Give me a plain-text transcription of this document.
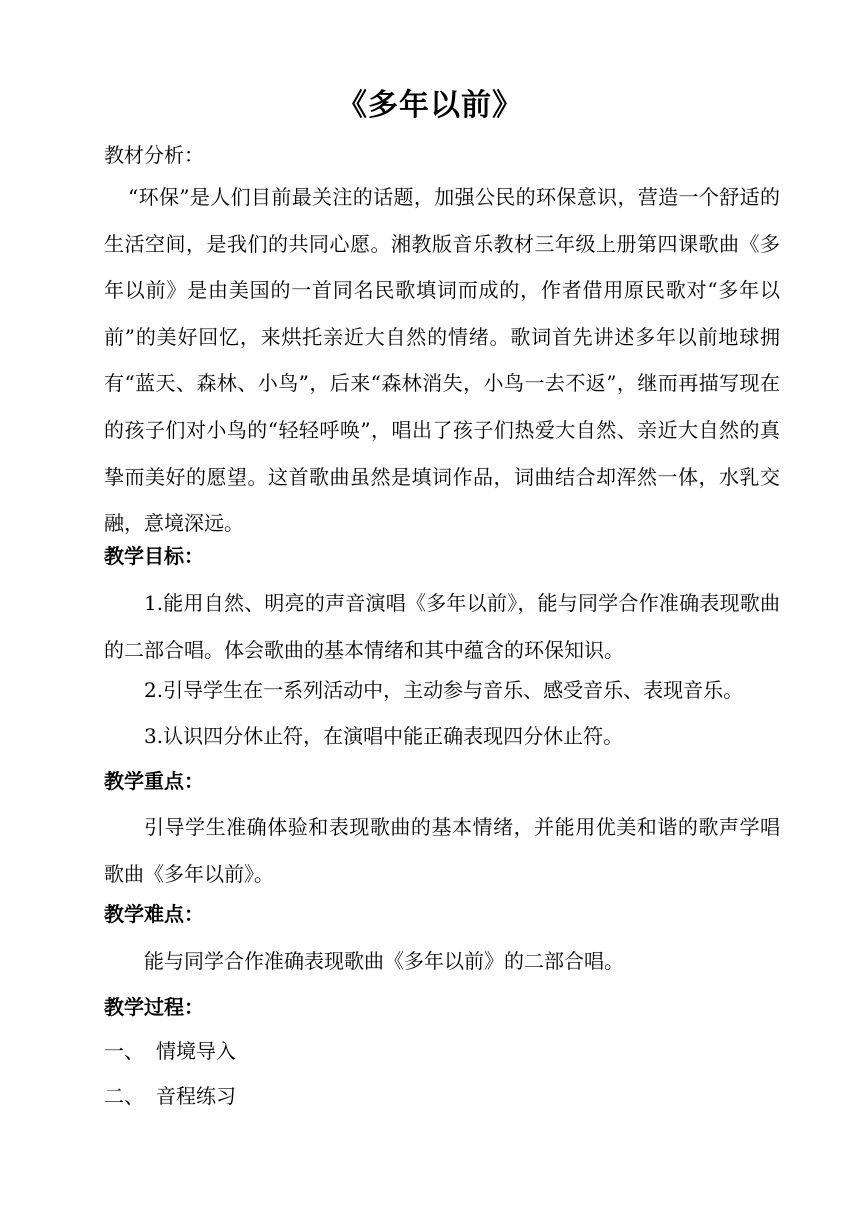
《多年以前》
教材分析：
“环保”是人们目前最关注的话题，加强公民的环保意识，营造一个舒适的生活空间，是我们的共同心愿。湘教版音乐教材三年级上册第四课歌曲《多年以前》是由美国的一首同名民歌填词而成的，作者借用原民歌对“多年以前”的美好回忆，来烘托亲近大自然的情绪。歌词首先讲述多年以前地球拥有“蓝天、森林、小鸟”，后来“森林消失，小鸟一去不返”，继而再描写现在的孩子们对小鸟的“轻轻呼唤”，唱出了孩子们热爱大自然、亲近大自然的真挚而美好的愿望。这首歌曲虽然是填词作品，词曲结合却浑然一体，水乳交融，意境深远。
教学目标：
1.能用自然、明亮的声音演唱《多年以前》，能与同学合作准确表现歌曲的二部合唱。体会歌曲的基本情绪和其中蕴含的环保知识。
2.引导学生在一系列活动中，主动参与音乐、感受音乐、表现音乐。
3.认识四分休止符，在演唱中能正确表现四分休止符。
教学重点：
引导学生准确体验和表现歌曲的基本情绪，并能用优美和谐的歌声学唱歌曲《多年以前》。
教学难点：
能与同学合作准确表现歌曲《多年以前》的二部合唱。
教学过程：
一、 情境导入
二、 音程练习
